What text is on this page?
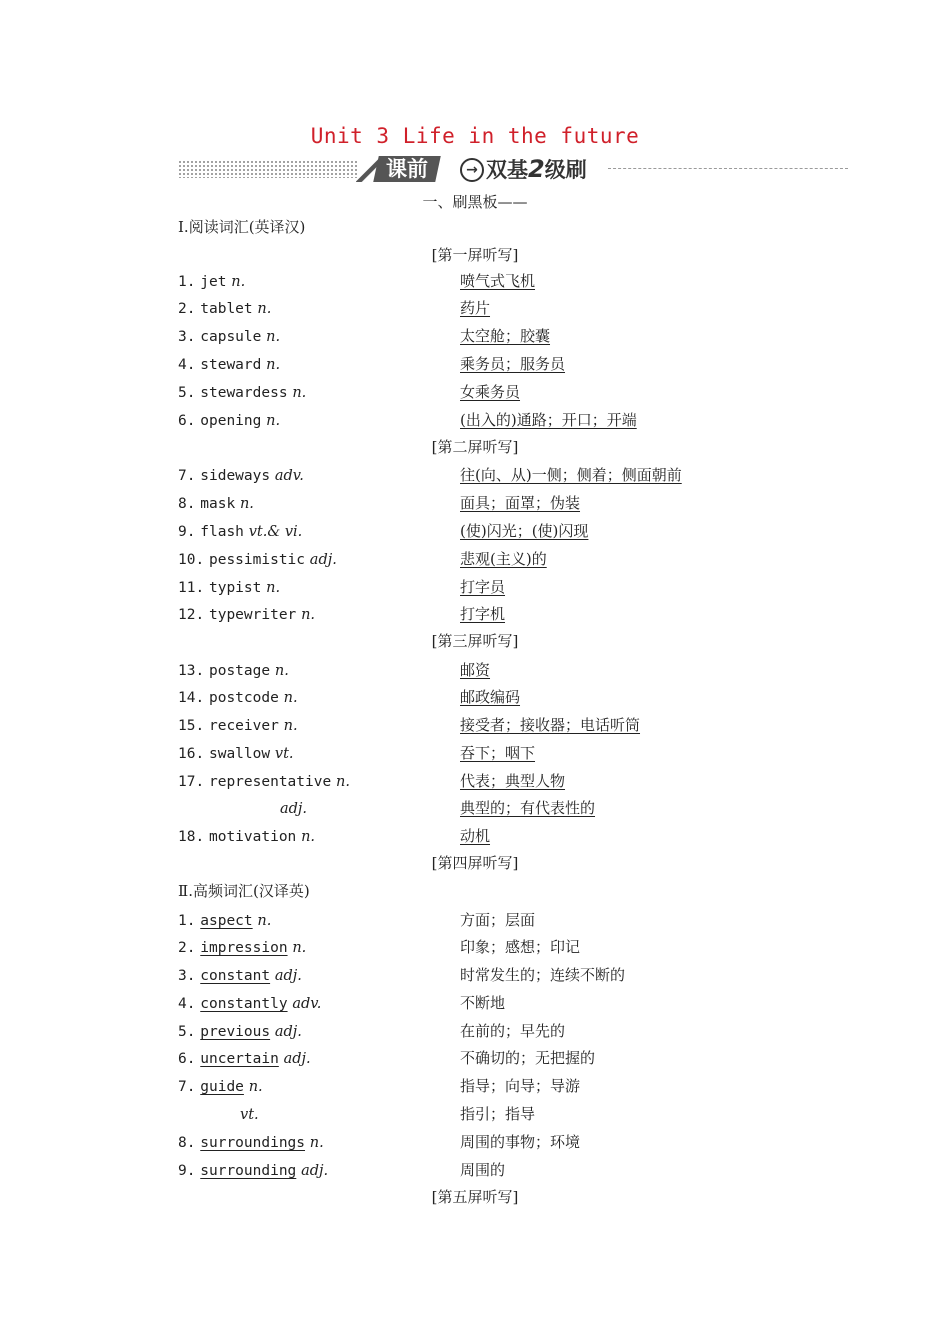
Unit 3 Life in the future
课前	→ 双基2级刷
一、刷黑板——
Ⅰ.阅读词汇(英译汉)
1. jet n.	喷气式飞机
2. tablet n.	药片
3. capsule n.	太空舱；胶囊
4. steward n.	乘务员；服务员
5. stewardess n.	女乘务员
6. opening n.	(出入的)通路；开口；开端
7. sideways adv.	往(向、从)一侧；侧着；侧面朝前
8. mask n.	面具；面罩；伪装
9. flash vt.& vi.	(使)闪光；(使)闪现
10. pessimistic adj.	悲观(主义)的
11. typist n.	打字员
12. typewriter n.	打字机
13. postage n.	邮资
14. postcode n.	邮政编码
15. receiver n.	接受者；接收器；电话听筒
16. swallow vt.	吞下；咽下
17. representative n.	代表；典型人物
adj.	典型的；有代表性的
18. motivation n.	动机
Ⅱ.高频词汇(汉译英)
1. aspect n.	方面；层面
2. impression n.	印象；感想；印记
3. constant adj.	时常发生的；连续不断的
4. constantly adv.	不断地
5. previous adj.	在前的；早先的
6. uncertain adj.	不确切的；无把握的
7. guide n.	指导；向导；导游
vt.	指引；指导
8. surroundings n.	周围的事物；环境
9. surrounding adj.	周围的
[第一屏听写]
[第二屏听写]
[第三屏听写]
[第四屏听写]
[第五屏听写]
